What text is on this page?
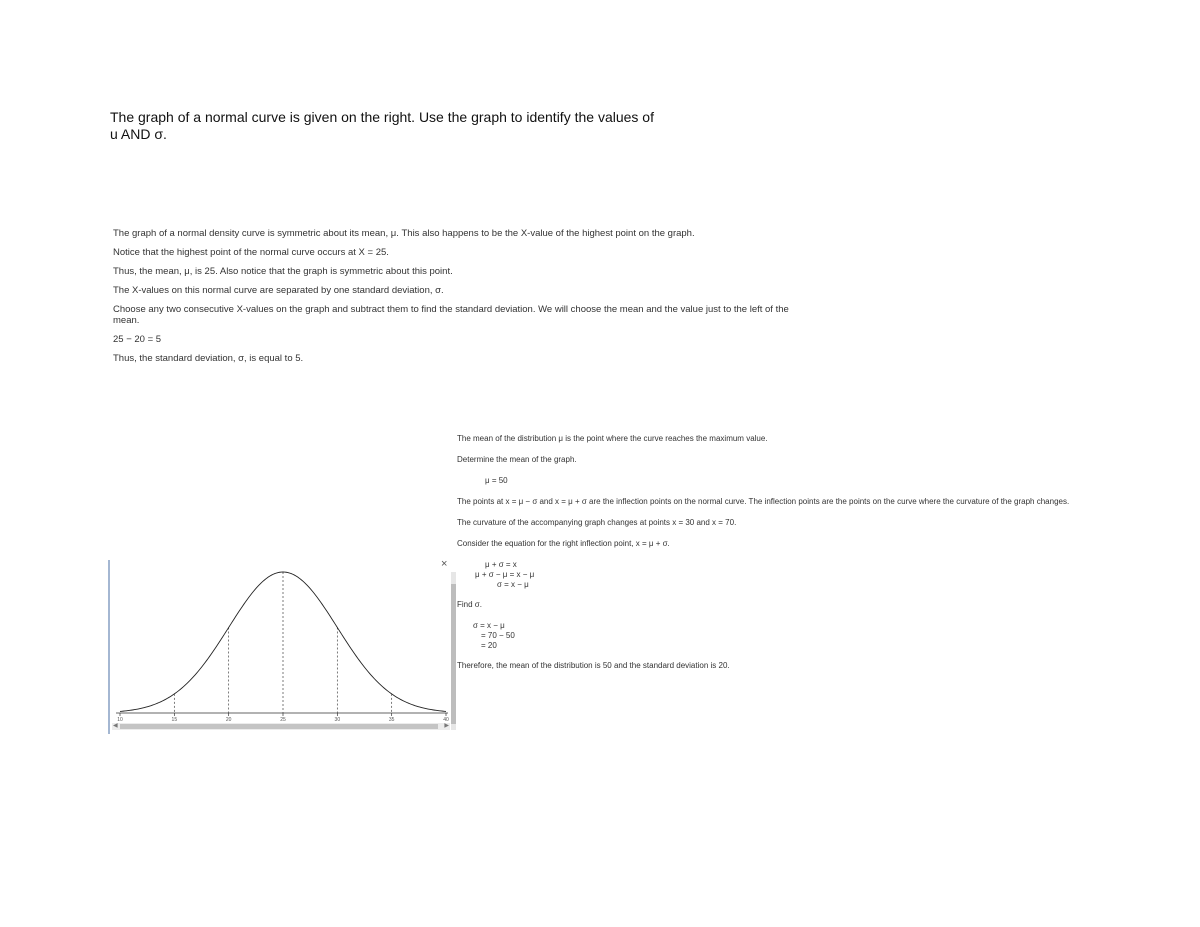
The graph of a normal curve is given on the right. Use the graph to identify the values of

u AND σ.

The graph of a normal density curve is symmetric about its mean, μ. This also happens to be the X-value of the highest point on the graph.

Notice that the highest point of the normal curve occurs at X = 25.

Thus, the mean, μ, is 25. Also notice that the graph is symmetric about this point.

The X-values on this normal curve are separated by one standard deviation, σ.

Choose any two consecutive X-values on the graph and subtract them to find the standard deviation. We will choose the mean and the value just to the left of the mean.

25 − 20 = 5

Thus, the standard deviation, σ, is equal to 5.

The mean of the distribution μ is the point where the curve reaches the maximum value.

Determine the mean of the graph.

μ = 50

The points at x = μ − σ and x = μ + σ are the inflection points on the normal curve. The inflection points are the points on the curve where the curvature of the graph changes.

The curvature of the accompanying graph changes at points x = 30 and x = 70.

Consider the equation for the right inflection point, x = μ + σ.

μ + σ = x
μ + σ − μ = x − μ
σ = x − μ

Find σ.

σ = x − μ
= 70 − 50
= 20

Therefore, the mean of the distribution is 50 and the standard deviation is 20.

10	15	20	25	30	35	40
×
◀	▶
